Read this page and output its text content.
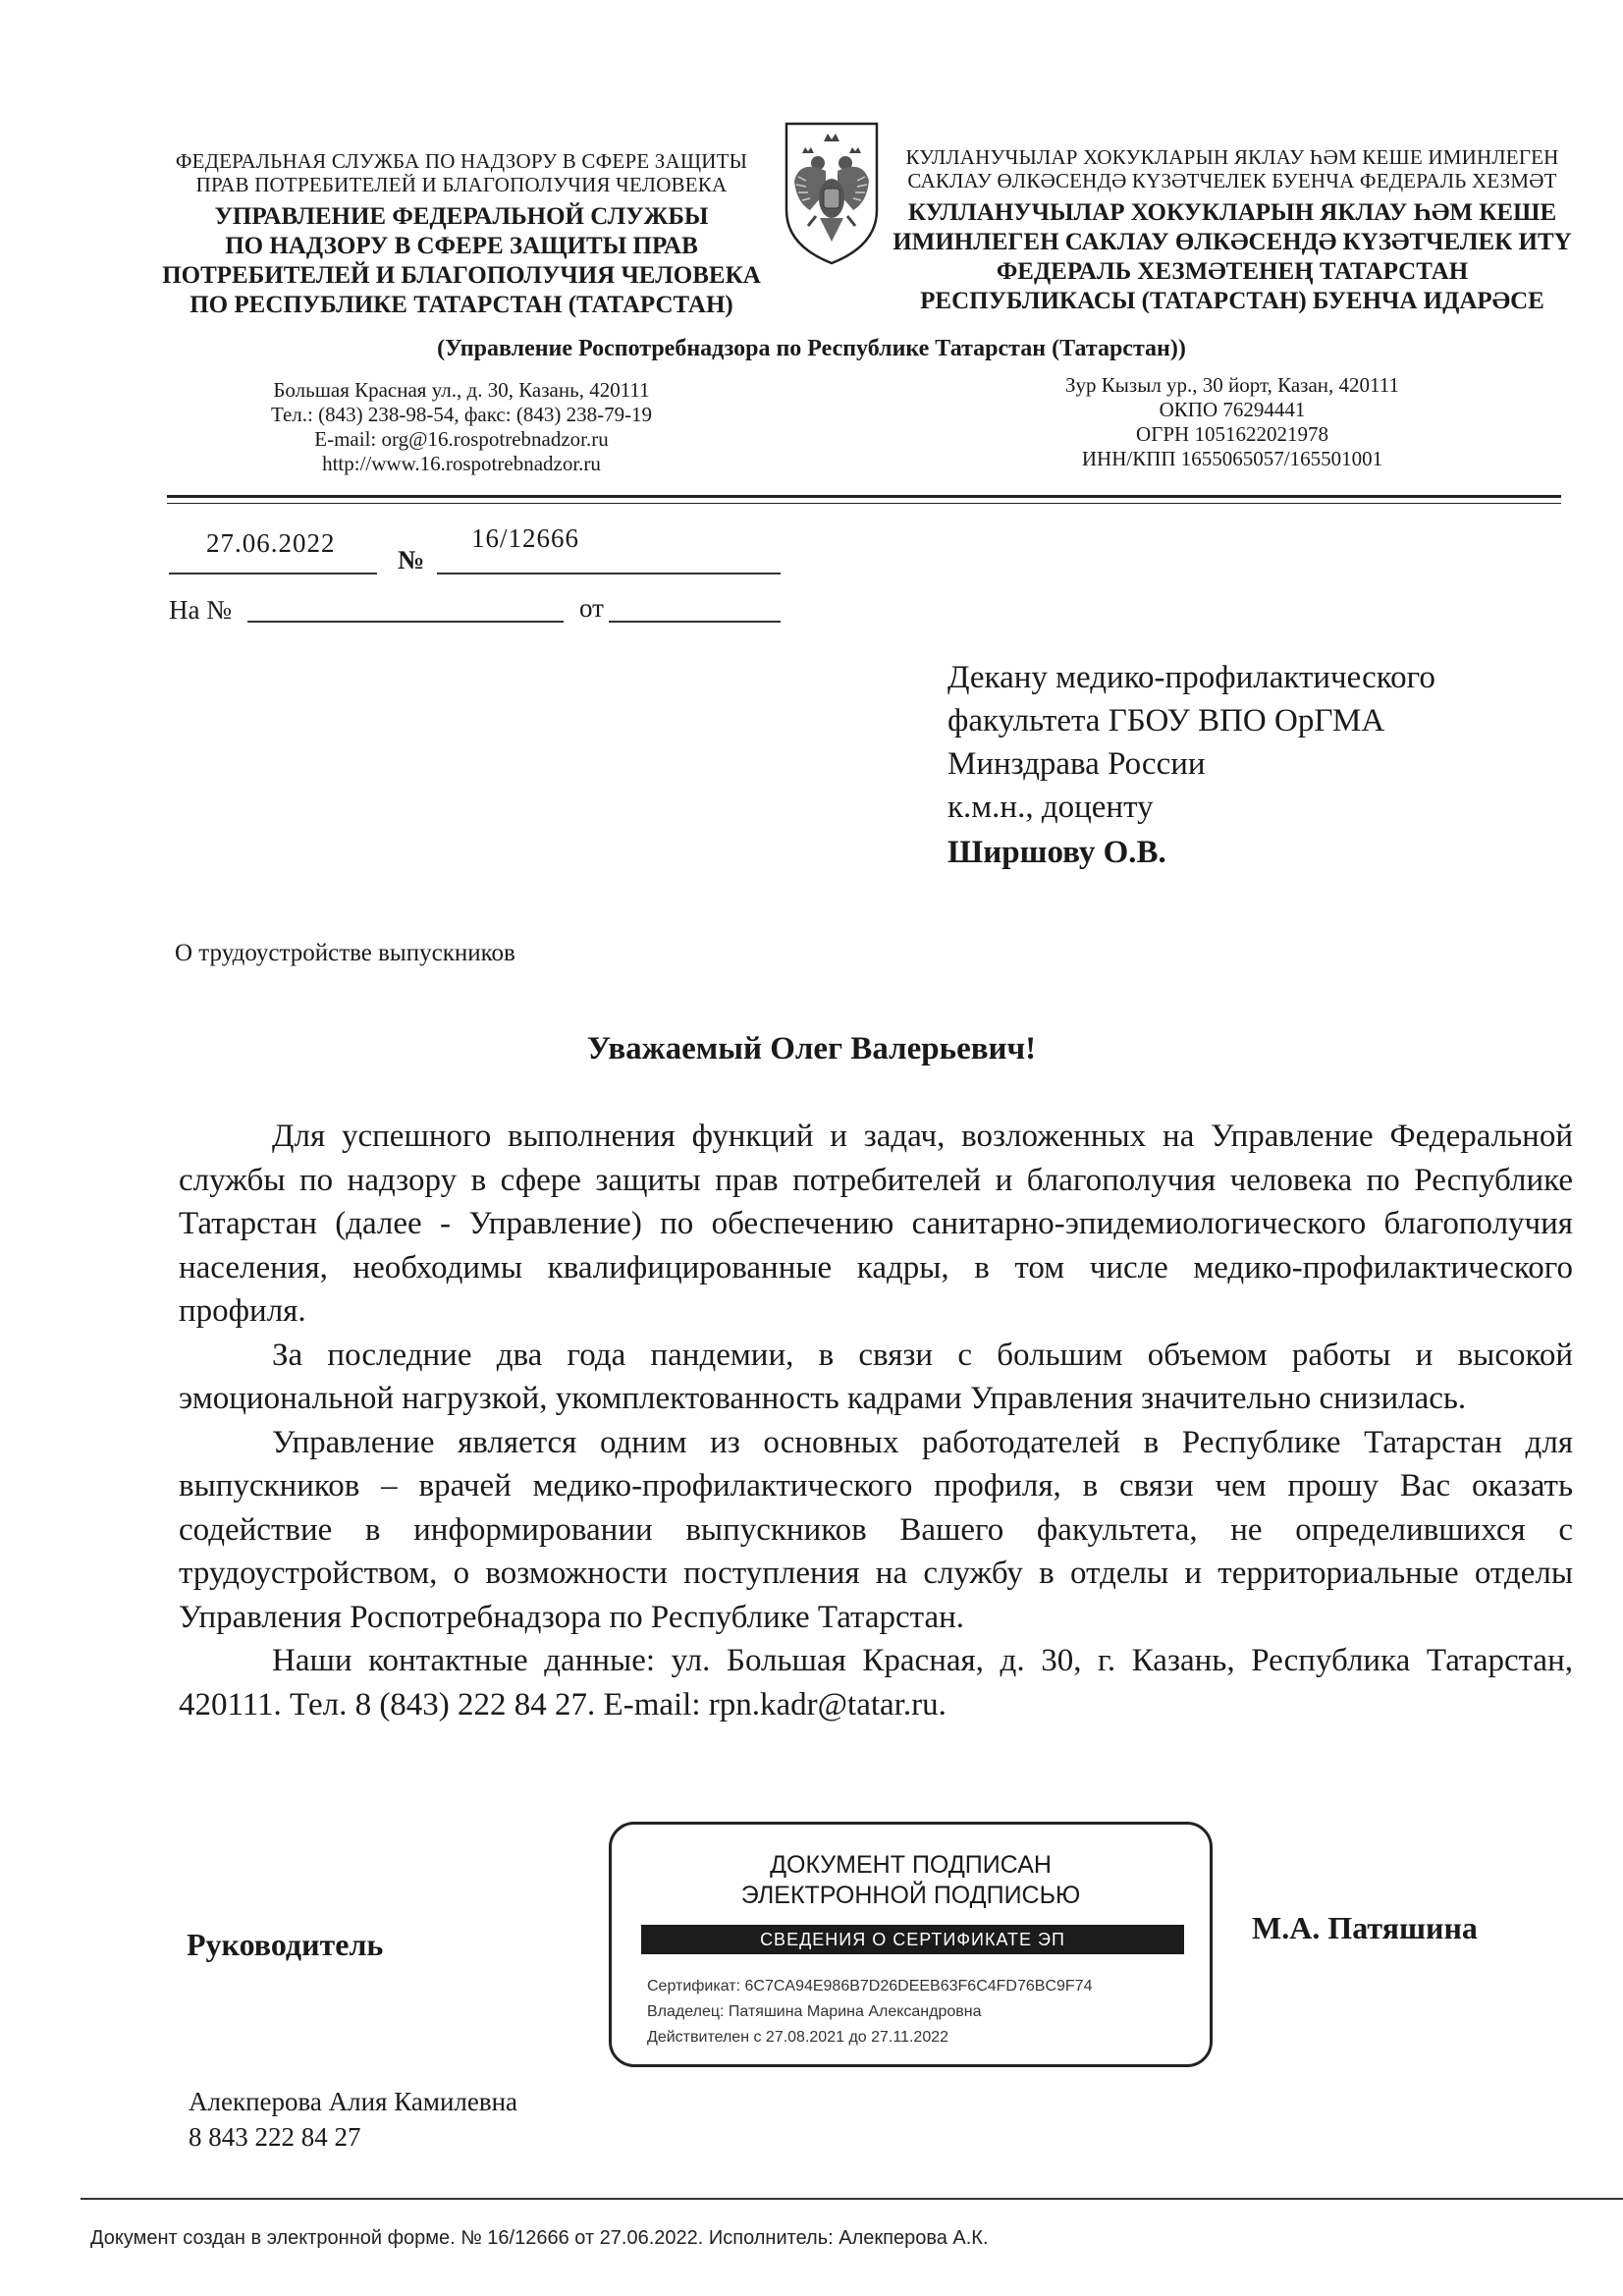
ФЕДЕРАЛЬНАЯ СЛУЖБА ПО НАДЗОРУ В СФЕРЕ ЗАЩИТЫ
ПРАВ ПОТРЕБИТЕЛЕЙ И БЛАГОПОЛУЧИЯ ЧЕЛОВЕКА
УПРАВЛЕНИЕ ФЕДЕРАЛЬНОЙ СЛУЖБЫ
ПО НАДЗОРУ В СФЕРЕ ЗАЩИТЫ ПРАВ
ПОТРЕБИТЕЛЕЙ И БЛАГОПОЛУЧИЯ ЧЕЛОВЕКА
ПО РЕСПУБЛИКЕ ТАТАРСТАН (ТАТАРСТАН)
КУЛЛАНУЧЫЛАР ХОКУКЛАРЫН ЯКЛАУ ҺӘМ КЕШЕ ИМИНЛЕГЕН
САКЛАУ ӨЛКӘСЕНДӘ КҮЗӘТЧЕЛЕК БУЕНЧА ФЕДЕРАЛЬ ХЕЗМӘТ
КУЛЛАНУЧЫЛАР ХОКУКЛАРЫН ЯКЛАУ ҺӘМ КЕШЕ
ИМИНЛЕГЕН САКЛАУ ӨЛКӘСЕНДӘ КҮЗӘТЧЕЛЕК ИТҮ
ФЕДЕРАЛЬ ХЕЗМӘТЕНЕҢ ТАТАРСТАН
РЕСПУБЛИКАСЫ (ТАТАРСТАН) БУЕНЧА ИДАРӘСЕ
(Управление Роспотребнадзора по Республике Татарстан (Татарстан))
Большая Красная ул., д. 30, Казань, 420111
Тел.: (843) 238-98-54, факс: (843) 238-79-19
E-mail: org@16.rospotrebnadzor.ru
http://www.16.rospotrebnadzor.ru
Зур Кызыл ур., 30 йорт, Казан, 420111
ОКПО 76294441
ОГРН 1051622021978
ИНН/КПП 1655065057/165501001
27.06.2022
№
16/12666
На №	от
Декану медико-профилактического
факультета ГБОУ ВПО ОрГМА
Минздрава России
к.м.н., доценту
Ширшову О.В.
О трудоустройстве выпускников
Уважаемый Олег Валерьевич!

Для успешного выполнения функций и задач, возложенных на Управление Федеральной службы по надзору в сфере защиты прав потребителей и благополучия человека по Республике Татарстан (далее - Управление) по обеспечению санитарно-эпидемиологического благополучия населения, необходимы квалифицированные кадры, в том числе медико-профилактического профиля.

За последние два года пандемии, в связи с большим объемом работы и высокой эмоциональной нагрузкой, укомплектованность кадрами Управления значительно снизилась.

Управление является одним из основных работодателей в Республике Татарстан для выпускников – врачей медико-профилактического профиля, в связи чем прошу Вас оказать содействие в информировании выпускников Вашего факультета, не определившихся с трудоустройством, о возможности поступления на службу в отделы и территориальные отделы Управления Роспотребнадзора по Республике Татарстан.

Наши контактные данные: ул. Большая Красная, д. 30, г. Казань, Республика Татарстан, 420111. Тел. 8 (843) 222 84 27. E-mail: rpn.kadr@tatar.ru.

Руководитель
ДОКУМЕНТ ПОДПИСАН
ЭЛЕКТРОННОЙ ПОДПИСЬЮ
СВЕДЕНИЯ О СЕРТИФИКАТЕ ЭП
Сертификат: 6C7CA94E986B7D26DEEB63F6C4FD76BC9F74
Владелец: Патяшина Марина Александровна
Действителен с 27.08.2021 до 27.11.2022
М.А. Патяшина
Алекперова Алия Камилевна
8 843 222 84 27
Документ создан в электронной форме. № 16/12666 от 27.06.2022. Исполнитель: Алекперова А.К.
